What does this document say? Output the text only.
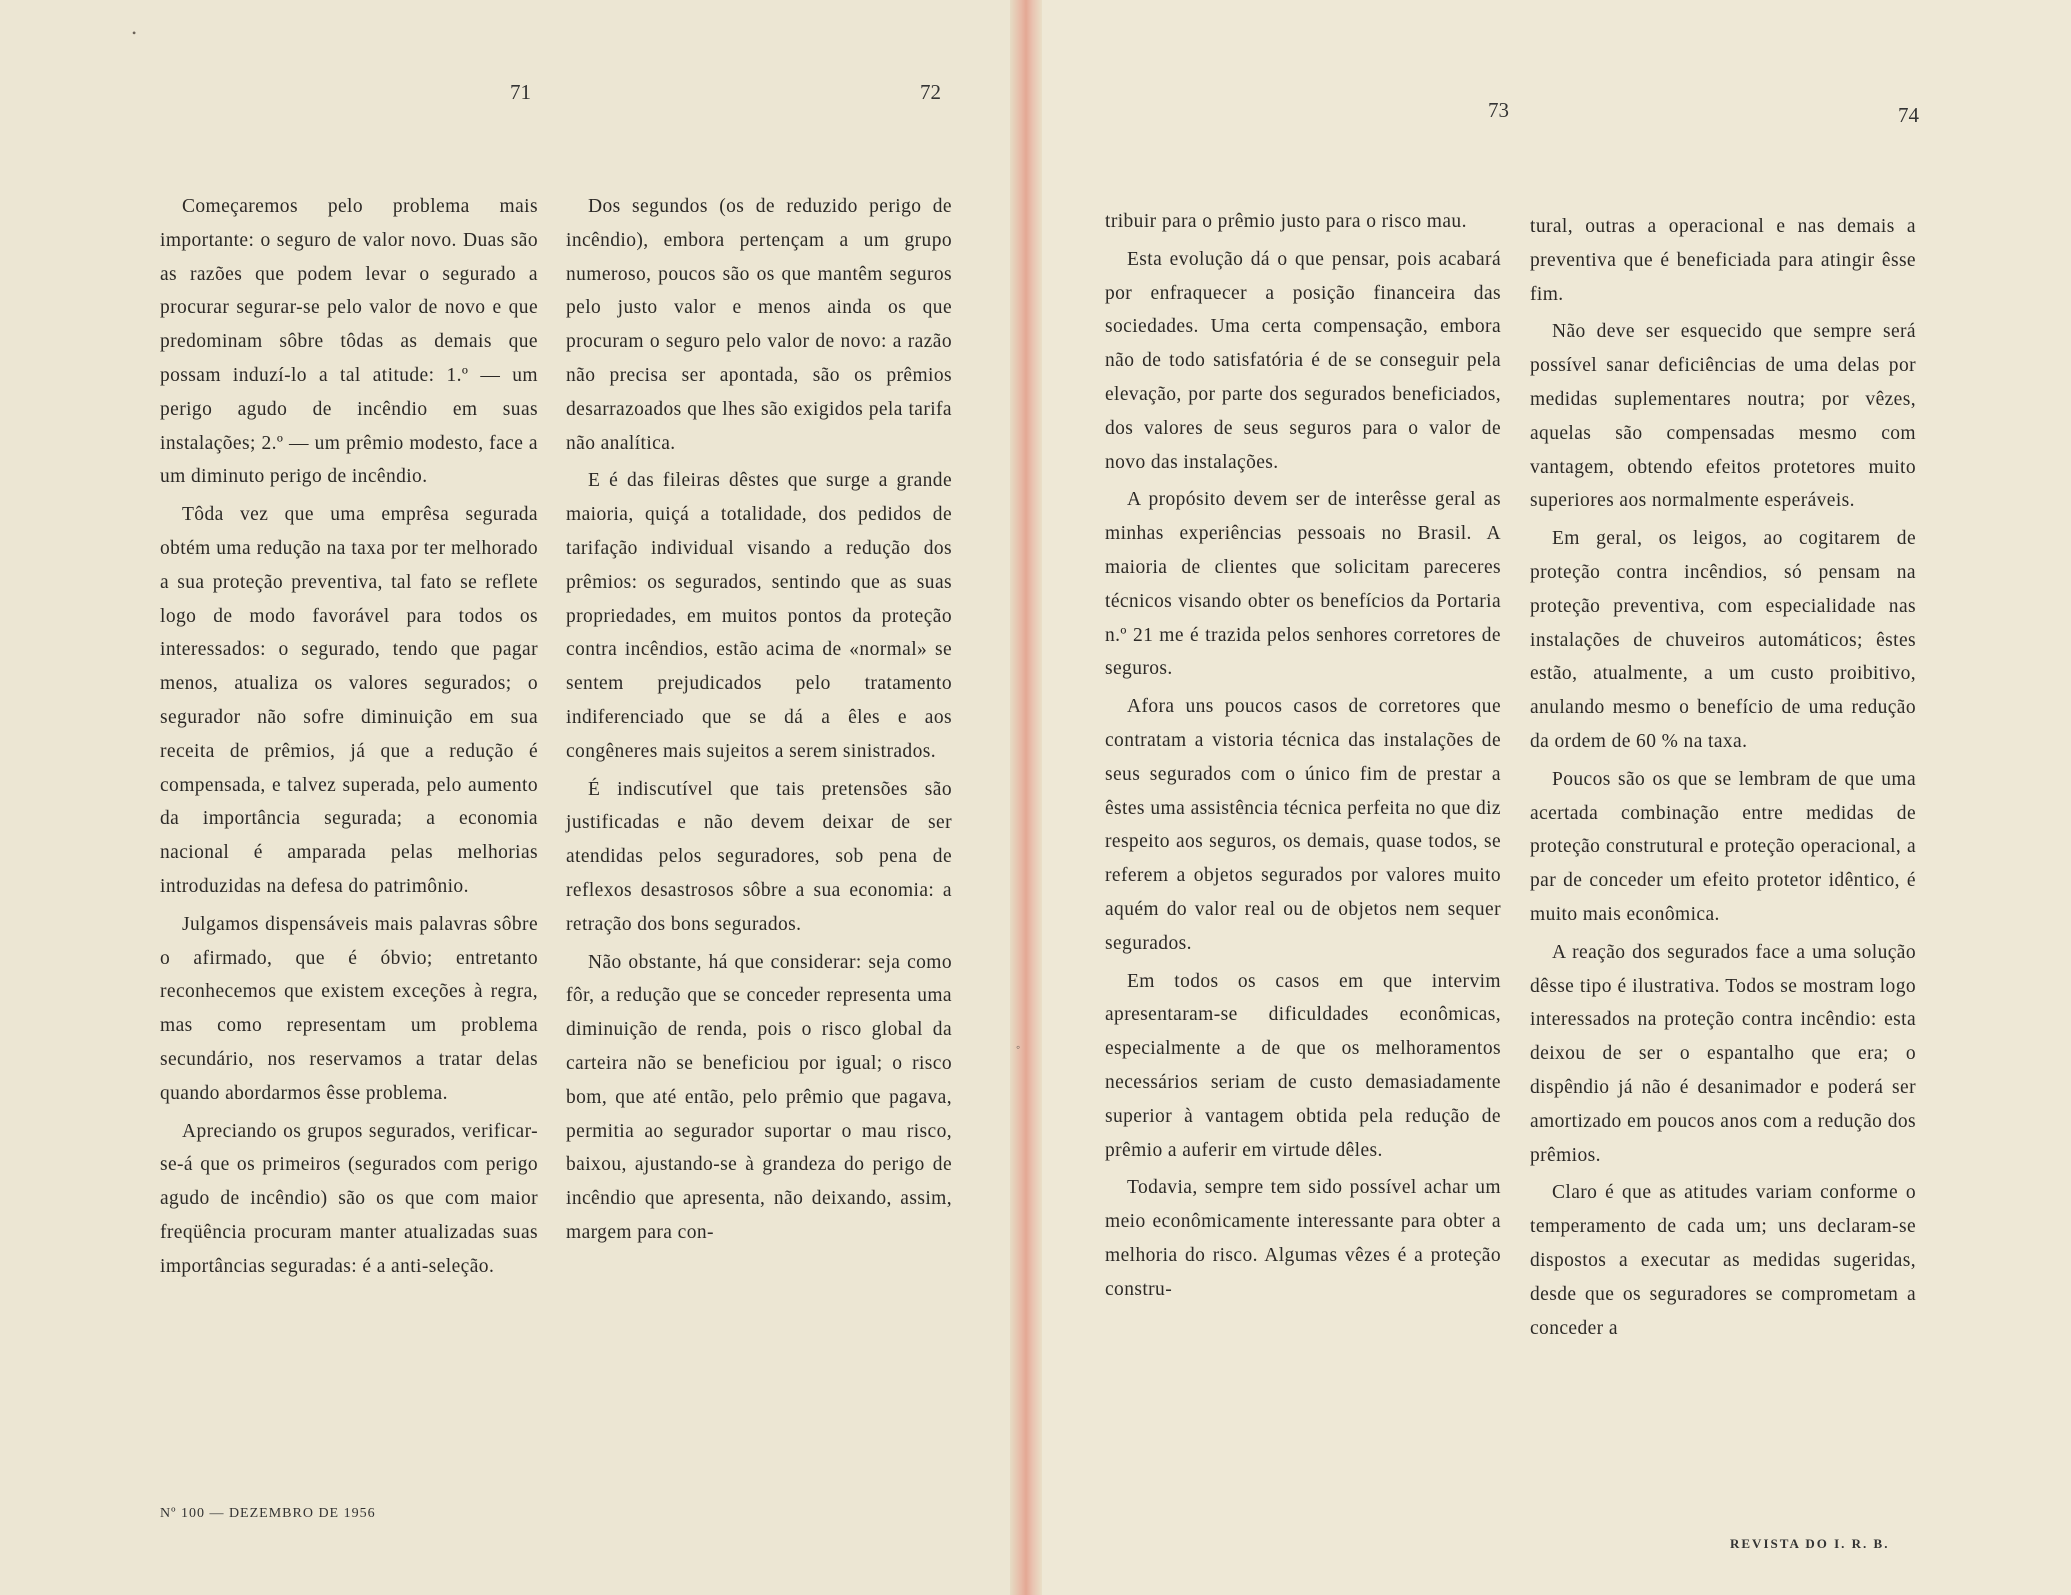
71	72
73	74

Começaremos pelo problema mais importante: o seguro de valor novo. Duas são as razões que podem levar o segurado a procurar segurar-se pelo valor de novo e que predominam sôbre tôdas as demais que possam induzí-lo a tal atitude: 1.º — um perigo agudo de incêndio em suas instalações; 2.º — um prêmio modesto, face a um diminuto perigo de incêndio.

Tôda vez que uma emprêsa segurada obtém uma redução na taxa por ter melhorado a sua proteção preventiva, tal fato se reflete logo de modo favorável para todos os interessados: o segurado, tendo que pagar menos, atualiza os valores segurados; o segurador não sofre diminuição em sua receita de prêmios, já que a redução é compensada, e talvez superada, pelo aumento da importância segurada; a economia nacional é amparada pelas melhorias introduzidas na defesa do patrimônio.

Julgamos dispensáveis mais palavras sôbre o afirmado, que é óbvio; entretanto reconhecemos que existem exceções à regra, mas como representam um problema secundário, nos reservamos a tratar delas quando abordarmos êsse problema.

Apreciando os grupos segurados, verificar-se-á que os primeiros (segurados com perigo agudo de incêndio) são os que com maior freqüência procuram manter atualizadas suas importâncias seguradas: é a anti-seleção.

Dos segundos (os de reduzido perigo de incêndio), embora pertençam a um grupo numeroso, poucos são os que mantêm seguros pelo justo valor e menos ainda os que procuram o seguro pelo valor de novo: a razão não precisa ser apontada, são os prêmios desarrazoados que lhes são exigidos pela tarifa não analítica.

E é das fileiras dêstes que surge a grande maioria, quiçá a totalidade, dos pedidos de tarifação individual visando a redução dos prêmios: os segurados, sentindo que as suas propriedades, em muitos pontos da proteção contra incêndios, estão acima de «normal» se sentem prejudicados pelo tratamento indiferenciado que se dá a êles e aos congêneres mais sujeitos a serem sinistrados.

É indiscutível que tais pretensões são justificadas e não devem deixar de ser atendidas pelos seguradores, sob pena de reflexos desastrosos sôbre a sua economia: a retração dos bons segurados.

Não obstante, há que considerar: seja como fôr, a redução que se conceder representa uma diminuição de renda, pois o risco global da carteira não se beneficiou por igual; o risco bom, que até então, pelo prêmio que pagava, permitia ao segurador suportar o mau risco, baixou, ajustando-se à grandeza do perigo de incêndio que apresenta, não deixando, assim, margem para con-

tribuir para o prêmio justo para o risco mau.

Esta evolução dá o que pensar, pois acabará por enfraquecer a posição financeira das sociedades. Uma certa compensação, embora não de todo satisfatória é de se conseguir pela elevação, por parte dos segurados beneficiados, dos valores de seus seguros para o valor de novo das instalações.

A propósito devem ser de interêsse geral as minhas experiências pessoais no Brasil. A maioria de clientes que solicitam pareceres técnicos visando obter os benefícios da Portaria n.º 21 me é trazida pelos senhores corretores de seguros.

Afora uns poucos casos de corretores que contratam a vistoria técnica das instalações de seus segurados com o único fim de prestar a êstes uma assistência técnica perfeita no que diz respeito aos seguros, os demais, quase todos, se referem a objetos segurados por valores muito aquém do valor real ou de objetos nem sequer segurados.

Em todos os casos em que intervim apresentaram-se dificuldades econômicas, especialmente a de que os melhoramentos necessários seriam de custo demasiadamente superior à vantagem obtida pela redução de prêmio a auferir em virtude dêles.

Todavia, sempre tem sido possível achar um meio econômicamente interessante para obter a melhoria do risco. Algumas vêzes é a proteção constru-

tural, outras a operacional e nas demais a preventiva que é beneficiada para atingir êsse fim.

Não deve ser esquecido que sempre será possível sanar deficiências de uma delas por medidas suplementares noutra; por vêzes, aquelas são compensadas mesmo com vantagem, obtendo efeitos protetores muito superiores aos normalmente esperáveis.

Em geral, os leigos, ao cogitarem de proteção contra incêndios, só pensam na proteção preventiva, com especialidade nas instalações de chuveiros automáticos; êstes estão, atualmente, a um custo proibitivo, anulando mesmo o benefício de uma redução da ordem de 60 % na taxa.

Poucos são os que se lembram de que uma acertada combinação entre medidas de proteção construtural e proteção operacional, a par de conceder um efeito protetor idêntico, é muito mais econômica.

A reação dos segurados face a uma solução dêsse tipo é ilustrativa. Todos se mostram logo interessados na proteção contra incêndio: esta deixou de ser o espantalho que era; o dispêndio já não é desanimador e poderá ser amortizado em poucos anos com a redução dos prêmios.

Claro é que as atitudes variam conforme o temperamento de cada um; uns declaram-se dispostos a executar as medidas sugeridas, desde que os seguradores se comprometam a conceder a

Nº 100 — DEZEMBRO DE 1956
REVISTA DO I. R. B.
•
◦
